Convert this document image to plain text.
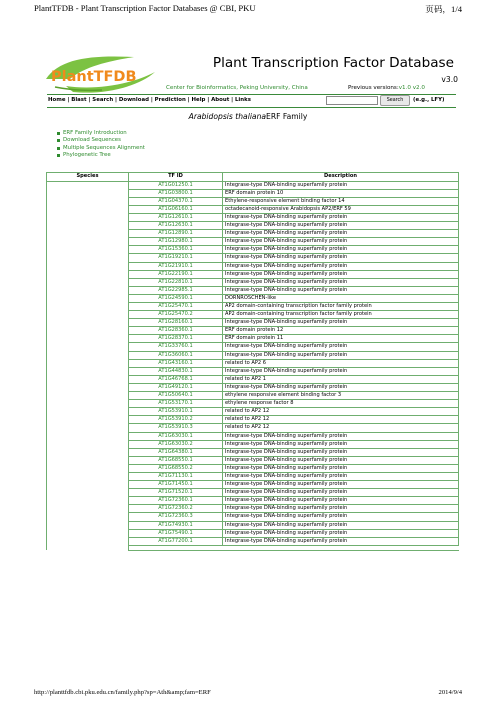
PlantTFDB - Plant Transcription Factor Databases @ CBI, PKU	页码，1/4
PlantTFDB
Plant Transcription Factor Database
v3.0
Center for Bioinformatics, Peking University, China	Previous versions:v1.0 v2.0
Home | Blast | Search | Download | Prediction | Help | About | Links	Search	(e.g., LFY)
Arabidopsis thalianaERF Family
ERF Family Introduction
Download Sequences
Multiple Sequences Alignment
Phylogenetic Tree
Species	TF ID	Description
	AT1G01250.1	Integrase-type DNA-binding superfamily protein
	AT1G03800.1	ERF domain protein 10
	AT1G04370.1	Ethylene-responsive element binding factor 14
	AT1G06160.1	octadecanoid-responsive Arabidopsis AP2/ERF 59
	AT1G12610.1	Integrase-type DNA-binding superfamily protein
	AT1G12630.1	Integrase-type DNA-binding superfamily protein
	AT1G12890.1	Integrase-type DNA-binding superfamily protein
	AT1G12980.1	Integrase-type DNA-binding superfamily protein
	AT1G15360.1	Integrase-type DNA-binding superfamily protein
	AT1G19210.1	Integrase-type DNA-binding superfamily protein
	AT1G21910.1	Integrase-type DNA-binding superfamily protein
	AT1G22190.1	Integrase-type DNA-binding superfamily protein
	AT1G22810.1	Integrase-type DNA-binding superfamily protein
	AT1G22985.1	Integrase-type DNA-binding superfamily protein
	AT1G24590.1	DORNROSCHEN-like
	AT1G25470.1	AP2 domain-containing transcription factor family protein
	AT1G25470.2	AP2 domain-containing transcription factor family protein
	AT1G28160.1	Integrase-type DNA-binding superfamily protein
	AT1G28360.1	ERF domain protein 12
	AT1G28370.1	ERF domain protein 11
	AT1G33760.1	Integrase-type DNA-binding superfamily protein
	AT1G36060.1	Integrase-type DNA-binding superfamily protein
	AT1G43160.1	related to AP2 6
	AT1G44830.1	Integrase-type DNA-binding superfamily protein
	AT1G46768.1	related to AP2 1
	AT1G49120.1	Integrase-type DNA-binding superfamily protein
	AT1G50640.1	ethylene responsive element binding factor 3
	AT1G53170.1	ethylene response factor 8
	AT1G53910.1	related to AP2 12
	AT1G53910.2	related to AP2 12
	AT1G53910.3	related to AP2 12
	AT1G63030.1	Integrase-type DNA-binding superfamily protein
	AT1G63030.2	Integrase-type DNA-binding superfamily protein
	AT1G64380.1	Integrase-type DNA-binding superfamily protein
	AT1G68550.1	Integrase-type DNA-binding superfamily protein
	AT1G68550.2	Integrase-type DNA-binding superfamily protein
	AT1G71130.1	Integrase-type DNA-binding superfamily protein
	AT1G71450.1	Integrase-type DNA-binding superfamily protein
	AT1G71520.1	Integrase-type DNA-binding superfamily protein
	AT1G72360.1	Integrase-type DNA-binding superfamily protein
	AT1G72360.2	Integrase-type DNA-binding superfamily protein
	AT1G72360.3	Integrase-type DNA-binding superfamily protein
	AT1G74930.1	Integrase-type DNA-binding superfamily protein
	AT1G75490.1	Integrase-type DNA-binding superfamily protein
	AT1G77200.1	Integrase-type DNA-binding superfamily protein

http://planttfdb.cbi.pku.edu.cn/family.php?sp=Ath&amp;fam=ERF	2014/9/4
